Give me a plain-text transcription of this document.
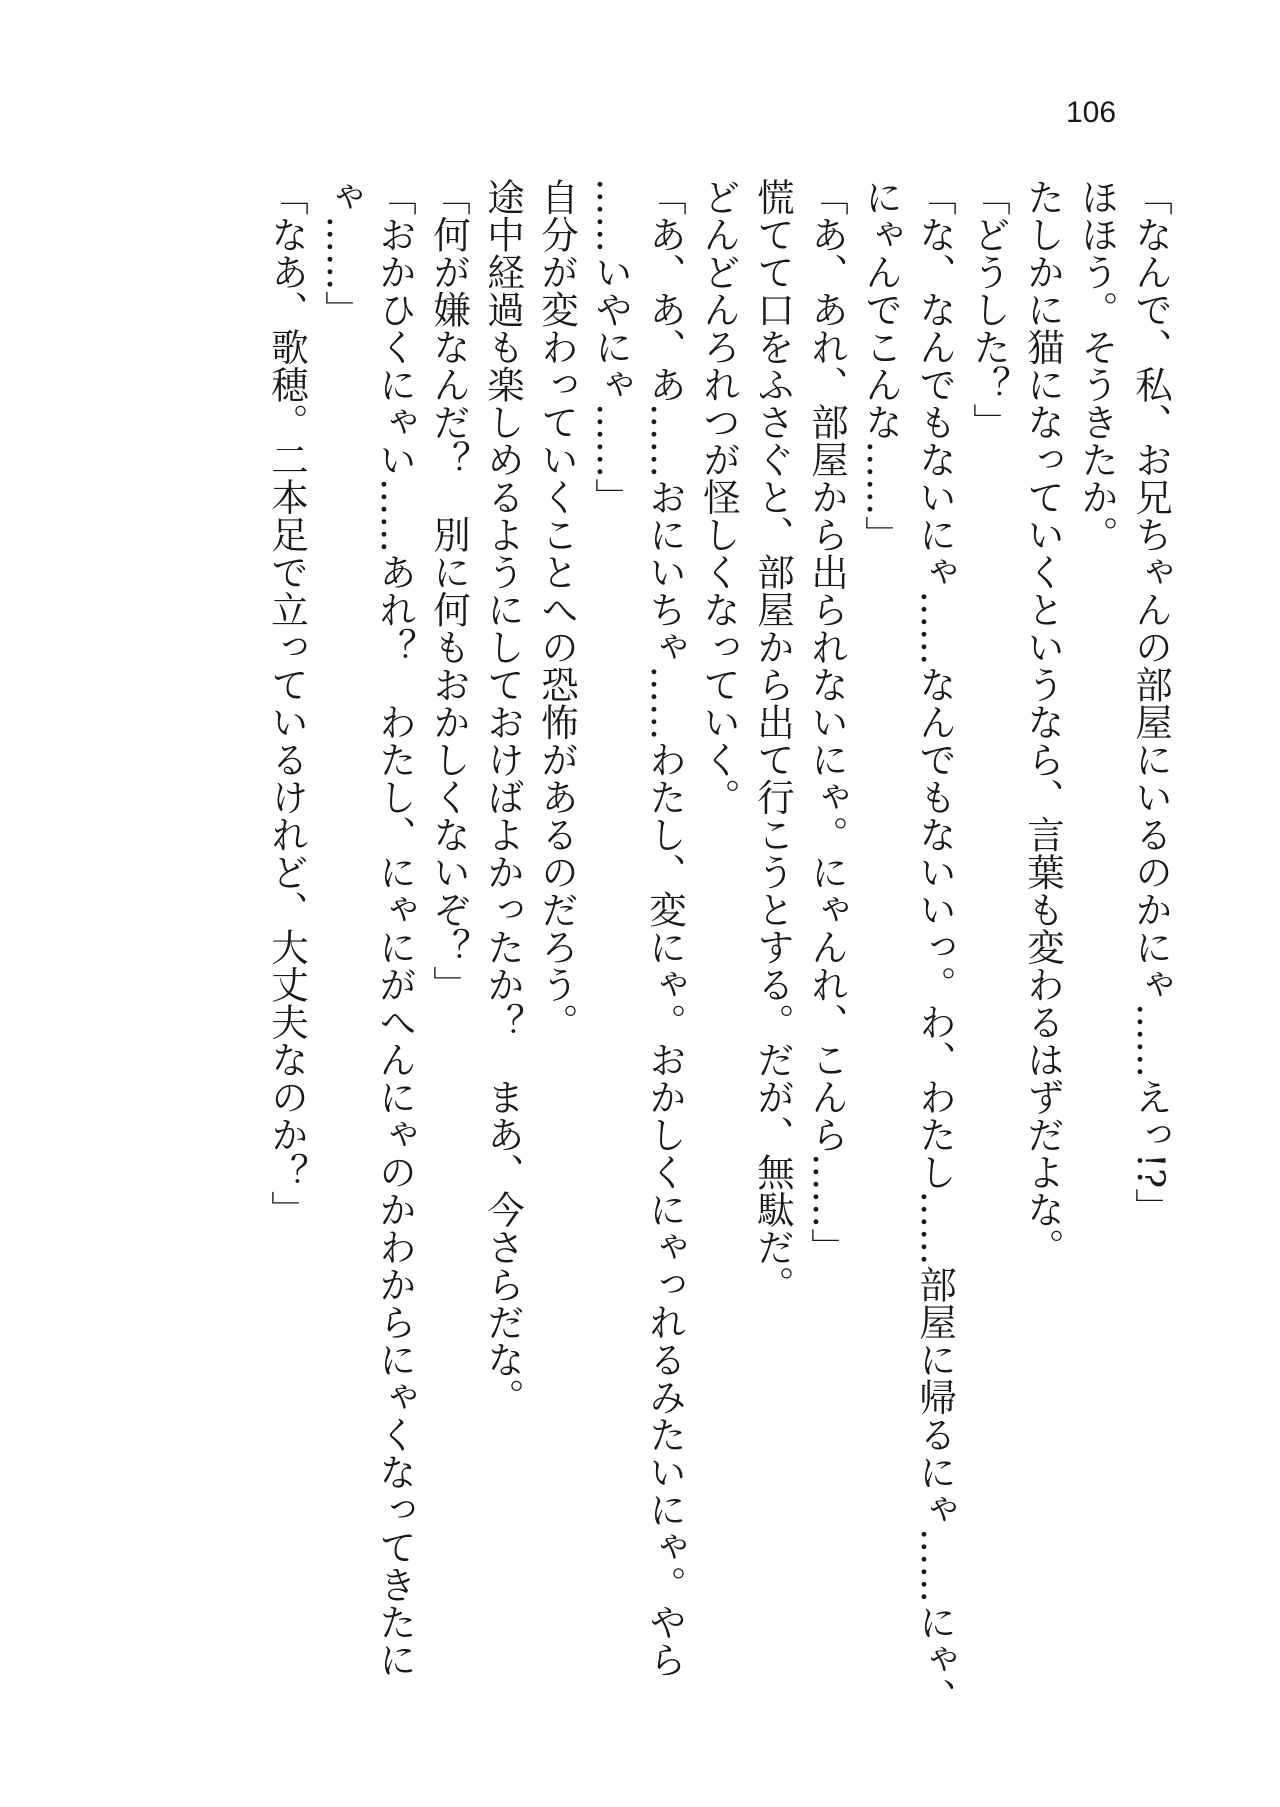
106
「なんで、私、お兄ちゃんの部屋にいるのかにゃ……えっ!?」
ほほう。そうきたか。
たしかに猫になっていくというなら、言葉も変わるはずだよな。
「どうした？」
「な、なんでもないにゃ……なんでもないいっ。わ、わたし……部屋に帰るにゃ……にゃ、
にゃんでこんな……」
「あ、あれ、部屋から出られないにゃ。にゃんれ、こんら……」
慌てて口をふさぐと、部屋から出て行こうとする。だが、無駄だ。
どんどんろれつが怪しくなっていく。
「あ、あ、あ……おにいちゃ……わたし、変にゃ。おかしくにゃっれるみたいにゃ。やら
……いやにゃ……」
自分が変わっていくことへの恐怖があるのだろう。
途中経過も楽しめるようにしておけばよかったか？　まあ、今さらだな。
「何が嫌なんだ？　別に何もおかしくないぞ？」
「おかひくにゃい……あれ？　わたし、にゃにがへんにゃのかわからにゃくなってきたに
ゃ……」
「なあ、歌穂。二本足で立っているけれど、大丈夫なのか？」
